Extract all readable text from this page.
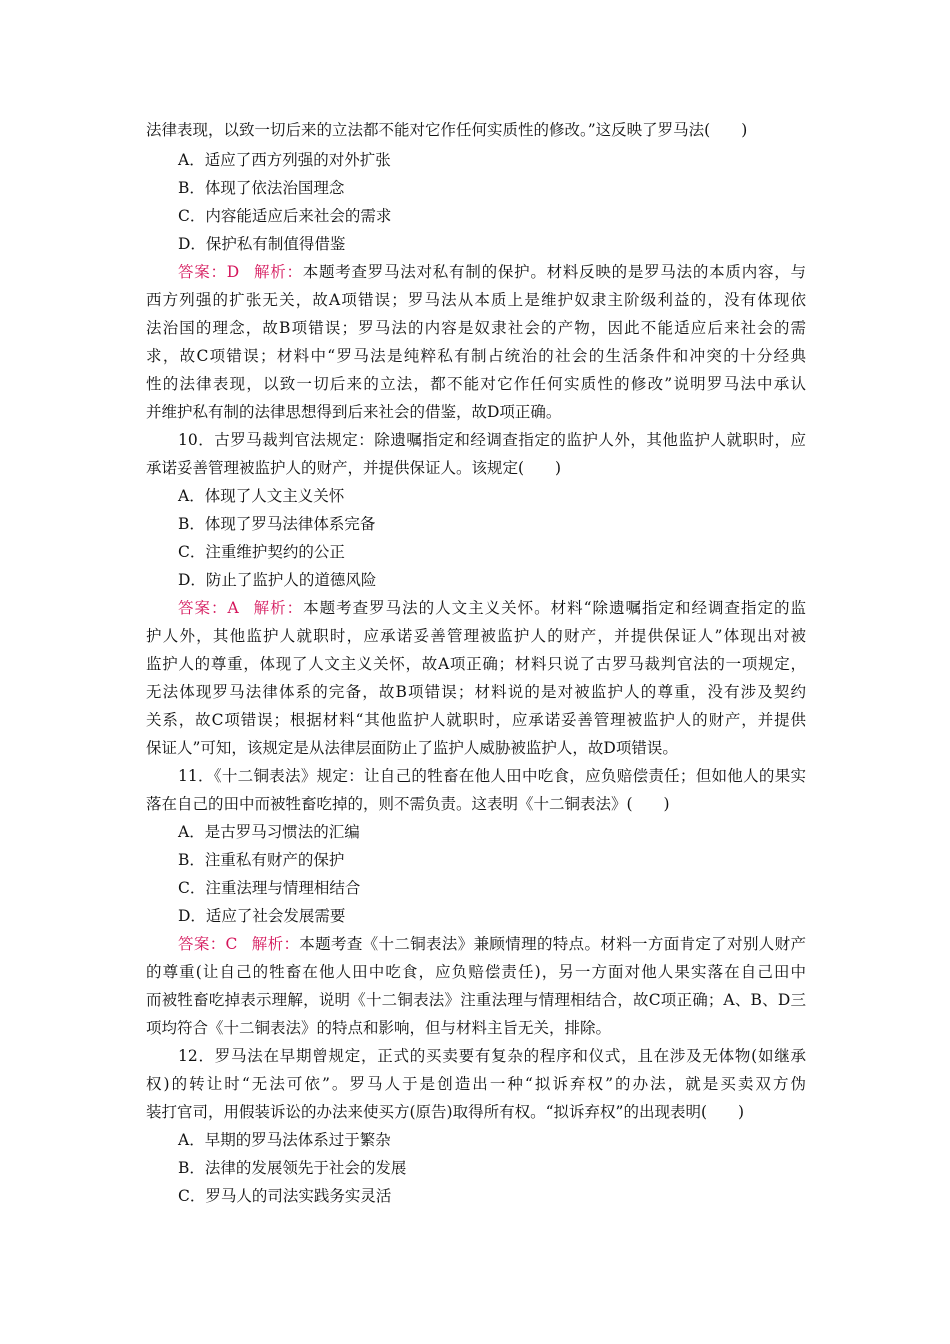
法律表现，以致一切后来的立法都不能对它作任何实质性的修改。”这反映了罗马法(　　)
A．适应了西方列强的对外扩张
B．体现了依法治国理念
C．内容能适应后来社会的需求
D．保护私有制值得借鉴
答案：D 解析：本题考查罗马法对私有制的保护。材料反映的是罗马法的本质内容，与
西方列强的扩张无关，故A项错误；罗马法从本质上是维护奴隶主阶级利益的，没有体现依
法治国的理念，故B项错误；罗马法的内容是奴隶社会的产物，因此不能适应后来社会的需
求，故C项错误；材料中“罗马法是纯粹私有制占统治的社会的生活条件和冲突的十分经典
性的法律表现，以致一切后来的立法，都不能对它作任何实质性的修改”说明罗马法中承认
并维护私有制的法律思想得到后来社会的借鉴，故D项正确。
10．古罗马裁判官法规定：除遗嘱指定和经调查指定的监护人外，其他监护人就职时，应
承诺妥善管理被监护人的财产，并提供保证人。该规定(　　)
A．体现了人文主义关怀
B．体现了罗马法律体系完备
C．注重维护契约的公正
D．防止了监护人的道德风险
答案：A 解析：本题考查罗马法的人文主义关怀。材料“除遗嘱指定和经调查指定的监
护人外，其他监护人就职时，应承诺妥善管理被监护人的财产，并提供保证人”体现出对被
监护人的尊重，体现了人文主义关怀，故A项正确；材料只说了古罗马裁判官法的一项规定，
无法体现罗马法律体系的完备，故B项错误；材料说的是对被监护人的尊重，没有涉及契约
关系，故C项错误；根据材料“其他监护人就职时，应承诺妥善管理被监护人的财产，并提供
保证人”可知，该规定是从法律层面防止了监护人威胁被监护人，故D项错误。
11．《十二铜表法》规定：让自己的牲畜在他人田中吃食，应负赔偿责任；但如他人的果实
落在自己的田中而被牲畜吃掉的，则不需负责。这表明《十二铜表法》(　　)
A．是古罗马习惯法的汇编
B．注重私有财产的保护
C．注重法理与情理相结合
D．适应了社会发展需要
答案：C 解析：本题考查《十二铜表法》兼顾情理的特点。材料一方面肯定了对别人财产
的尊重(让自己的牲畜在他人田中吃食，应负赔偿责任)，另一方面对他人果实落在自己田中
而被牲畜吃掉表示理解，说明《十二铜表法》注重法理与情理相结合，故C项正确；A、B、D三
项均符合《十二铜表法》的特点和影响，但与材料主旨无关，排除。
12．罗马法在早期曾规定，正式的买卖要有复杂的程序和仪式，且在涉及无体物(如继承
权)的转让时“无法可依”。罗马人于是创造出一种“拟诉弃权”的办法，就是买卖双方伪
装打官司，用假装诉讼的办法来使买方(原告)取得所有权。“拟诉弃权”的出现表明(　　)
A．早期的罗马法体系过于繁杂
B．法律的发展领先于社会的发展
C．罗马人的司法实践务实灵活
